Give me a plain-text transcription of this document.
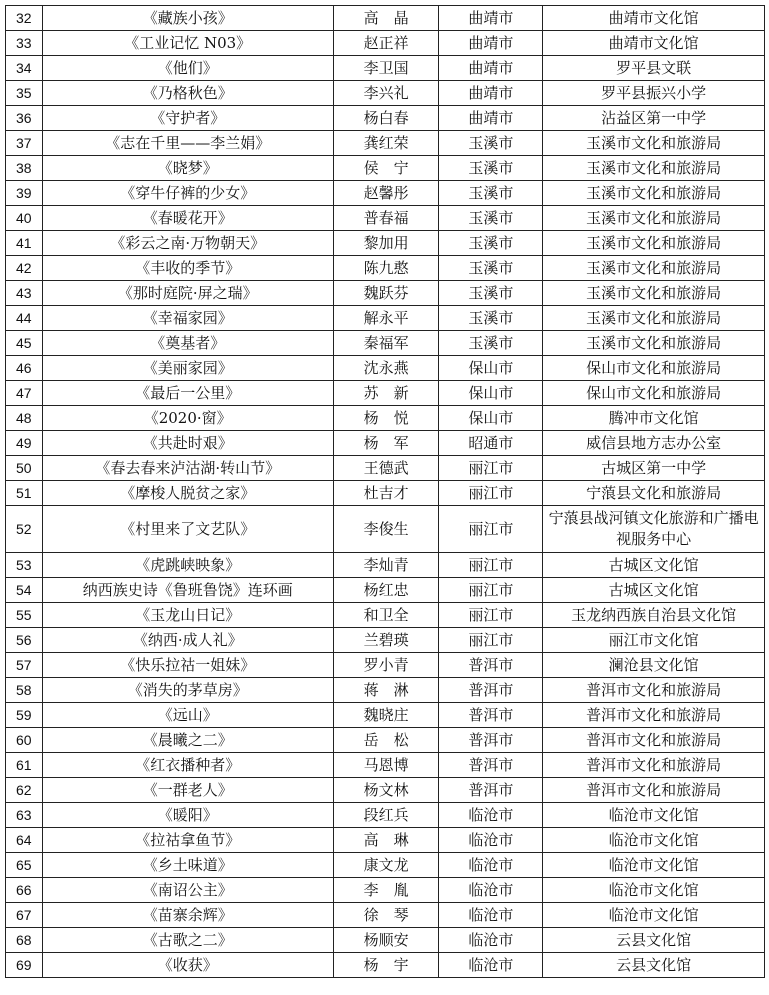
32	《藏族小孩》	高　晶	曲靖市	曲靖市文化馆
33	《工业记忆 N03》	赵正祥	曲靖市	曲靖市文化馆
34	《他们》	李卫国	曲靖市	罗平县文联
35	《乃格秋色》	李兴礼	曲靖市	罗平县振兴小学
36	《守护者》	杨白春	曲靖市	沾益区第一中学
37	《志在千里——李兰娟》	龚红荣	玉溪市	玉溪市文化和旅游局
38	《晓梦》	侯　宁	玉溪市	玉溪市文化和旅游局
39	《穿牛仔裤的少女》	赵馨彤	玉溪市	玉溪市文化和旅游局
40	《春暖花开》	普春福	玉溪市	玉溪市文化和旅游局
41	《彩云之南·万物朝天》	黎加用	玉溪市	玉溪市文化和旅游局
42	《丰收的季节》	陈九憨	玉溪市	玉溪市文化和旅游局
43	《那时庭院·屏之瑞》	魏跃芬	玉溪市	玉溪市文化和旅游局
44	《幸福家园》	解永平	玉溪市	玉溪市文化和旅游局
45	《奠基者》	秦福军	玉溪市	玉溪市文化和旅游局
46	《美丽家园》	沈永燕	保山市	保山市文化和旅游局
47	《最后一公里》	苏　新	保山市	保山市文化和旅游局
48	《2020·窗》	杨　悦	保山市	腾冲市文化馆
49	《共赴时艰》	杨　军	昭通市	威信县地方志办公室
50	《春去春来泸沽湖·转山节》	王德武	丽江市	古城区第一中学
51	《摩梭人脱贫之家》	杜吉才	丽江市	宁蒗县文化和旅游局
52	《村里来了文艺队》	李俊生	丽江市	宁蒗县战河镇文化旅游和广播电视服务中心
53	《虎跳峡映象》	李灿青	丽江市	古城区文化馆
54	纳西族史诗《鲁班鲁饶》连环画	杨红忠	丽江市	古城区文化馆
55	《玉龙山日记》	和卫全	丽江市	玉龙纳西族自治县文化馆
56	《纳西·成人礼》	兰碧瑛	丽江市	丽江市文化馆
57	《快乐拉祜一姐妹》	罗小青	普洱市	澜沧县文化馆
58	《消失的茅草房》	蒋　淋	普洱市	普洱市文化和旅游局
59	《远山》	魏晓庄	普洱市	普洱市文化和旅游局
60	《晨曦之二》	岳　松	普洱市	普洱市文化和旅游局
61	《红衣播种者》	马恩博	普洱市	普洱市文化和旅游局
62	《一群老人》	杨文林	普洱市	普洱市文化和旅游局
63	《暖阳》	段红兵	临沧市	临沧市文化馆
64	《拉祜拿鱼节》	高　琳	临沧市	临沧市文化馆
65	《乡土味道》	康文龙	临沧市	临沧市文化馆
66	《南诏公主》	李　胤	临沧市	临沧市文化馆
67	《苗寨余辉》	徐　琴	临沧市	临沧市文化馆
68	《古歌之二》	杨顺安	临沧市	云县文化馆
69	《收获》	杨　宇	临沧市	云县文化馆
